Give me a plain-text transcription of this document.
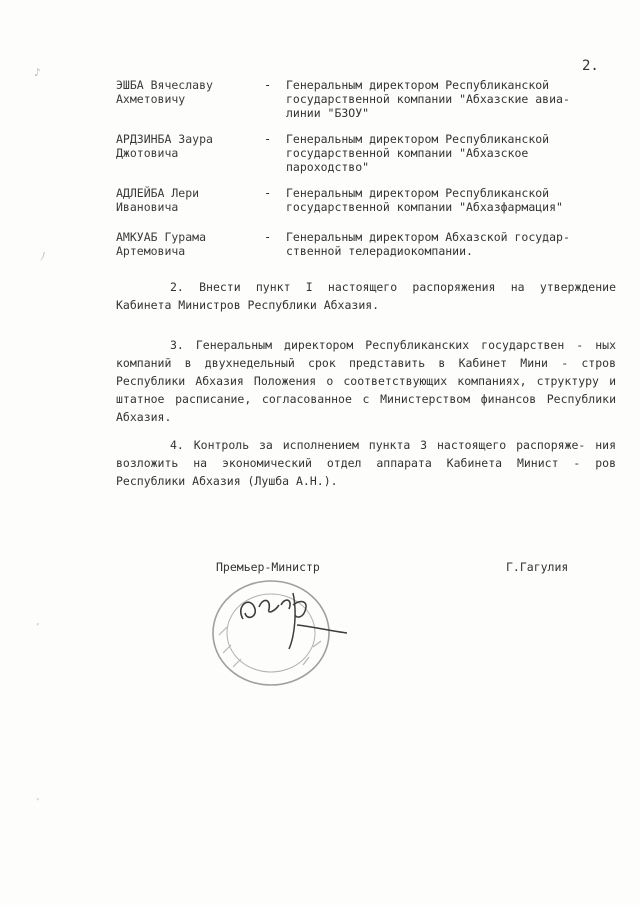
2.
♪
ﾉ
ﾞ
ﾞ
ЭШБА Вячеславу
Ахметовичу
- Генеральным директором Республиканской
государственной компании "Абхазские авиа-
линии "БЗОУ"
АРДЗИНБА Заура
Джотовича
- Генеральным директором Республиканской
государственной компании "Абхазское
пароходство"
АДЛЕЙБА Лери
Ивановича
- Генеральным директором Республиканской
государственной компании "Абхазфармация"
АМКУАБ Гурама
Артемовича
- Генеральным директором Абхазской государ-
ственной телерадиокомпании.

2. Внести пункт I настоящего распоряжения на утверждение Кабинета Министров Республики Абхазия.

3. Генеральным директором Республиканских государствен - ных компаний в двухнедельный срок представить в Кабинет Мини - стров Республики Абхазия Положения о соответствующих компаниях, структуру и штатное расписание, согласованное с Министерством финансов Республики Абхазия.

4. Контроль за исполнением пункта 3 настоящего распоряже- ния возложить на экономический отдел аппарата Кабинета Минист - ров Республики Абхазия (Лушба А.Н.).

Премьер-Министр	Г.Гагулия
